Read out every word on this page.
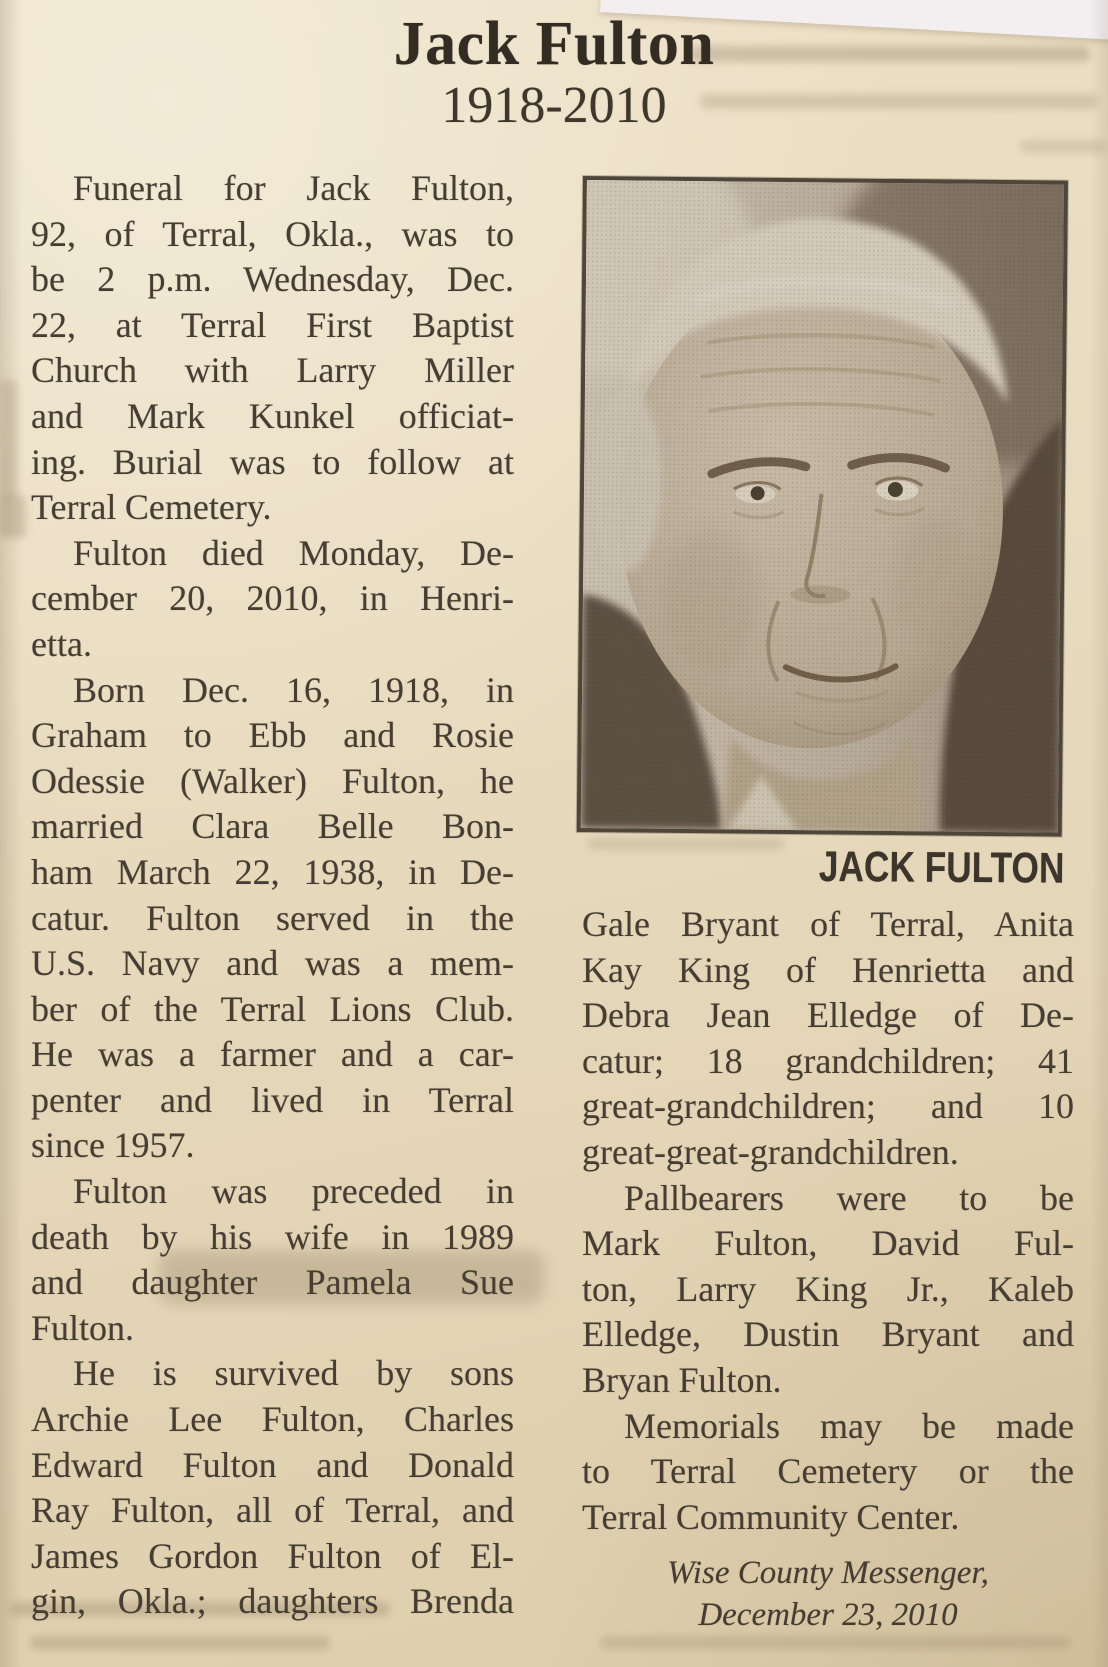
Jack Fulton
1918-2010
Funeral for Jack Fulton,
92, of Terral, Okla., was to
be 2 p.m. Wednesday, Dec.
22, at Terral First Baptist
Church with Larry Miller
and Mark Kunkel officiat-
ing. Burial was to follow at
Terral Cemetery.
Fulton died Monday, De-
cember 20, 2010, in Henri-
etta.
Born Dec. 16, 1918, in
Graham to Ebb and Rosie
Odessie (Walker) Fulton, he
married Clara Belle Bon-
ham March 22, 1938, in De-
catur. Fulton served in the
U.S. Navy and was a mem-
ber of the Terral Lions Club.
He was a farmer and a car-
penter and lived in Terral
since 1957.
Fulton was preceded in
death by his wife in 1989
and daughter Pamela Sue
Fulton.
He is survived by sons
Archie Lee Fulton, Charles
Edward Fulton and Donald
Ray Fulton, all of Terral, and
James Gordon Fulton of El-
gin, Okla.; daughters Brenda
JACK FULTON
Gale Bryant of Terral, Anita
Kay King of Henrietta and
Debra Jean Elledge of De-
catur; 18 grandchildren; 41
great-grandchildren; and 10
great-great-grandchildren.
Pallbearers were to be
Mark Fulton, David Ful-
ton, Larry King Jr., Kaleb
Elledge, Dustin Bryant and
Bryan Fulton.
Memorials may be made
to Terral Cemetery or the
Terral Community Center.
Wise County Messenger,
December 23, 2010
